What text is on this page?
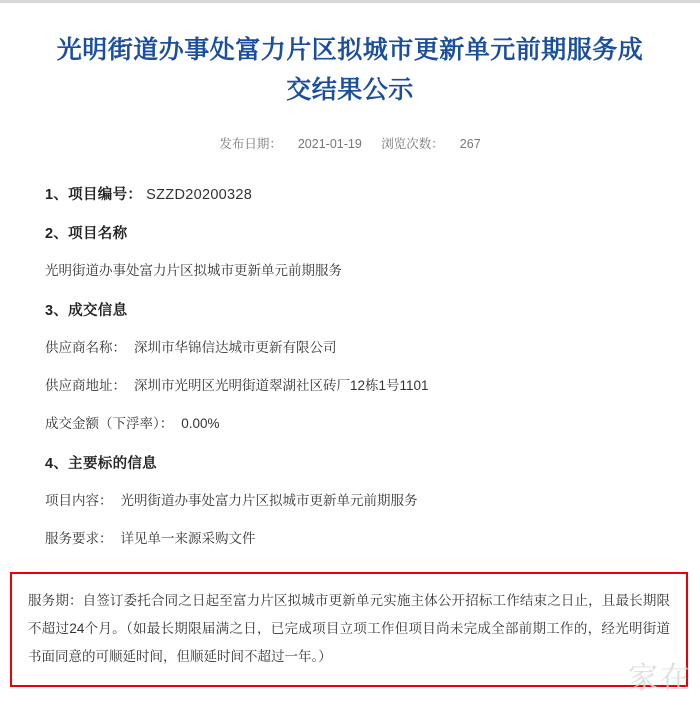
光明街道办事处富力片区拟城市更新单元前期服务成交结果公示
发布日期： 2021-01-19 浏览次数： 267
1、项目编号： SZZD20200328
2、项目名称
光明街道办事处富力片区拟城市更新单元前期服务
3、成交信息
供应商名称： 深圳市华锦信达城市更新有限公司
供应商地址： 深圳市光明区光明街道翠湖社区砖厂12栋1号1101
成交金额（下浮率）： 0.00%
4、主要标的信息
项目内容： 光明街道办事处富力片区拟城市更新单元前期服务
服务要求： 详见单一来源采购文件

服务期：自签订委托合同之日起至富力片区拟城市更新单元实施主体公开招标工作结束之日止，且最长期限不超过24个月。（如最长期限届满之日，已完成项目立项工作但项目尚未完成全部前期工作的，经光明街道书面同意的可顺延时间，但顺延时间不超过一年。）

家在
